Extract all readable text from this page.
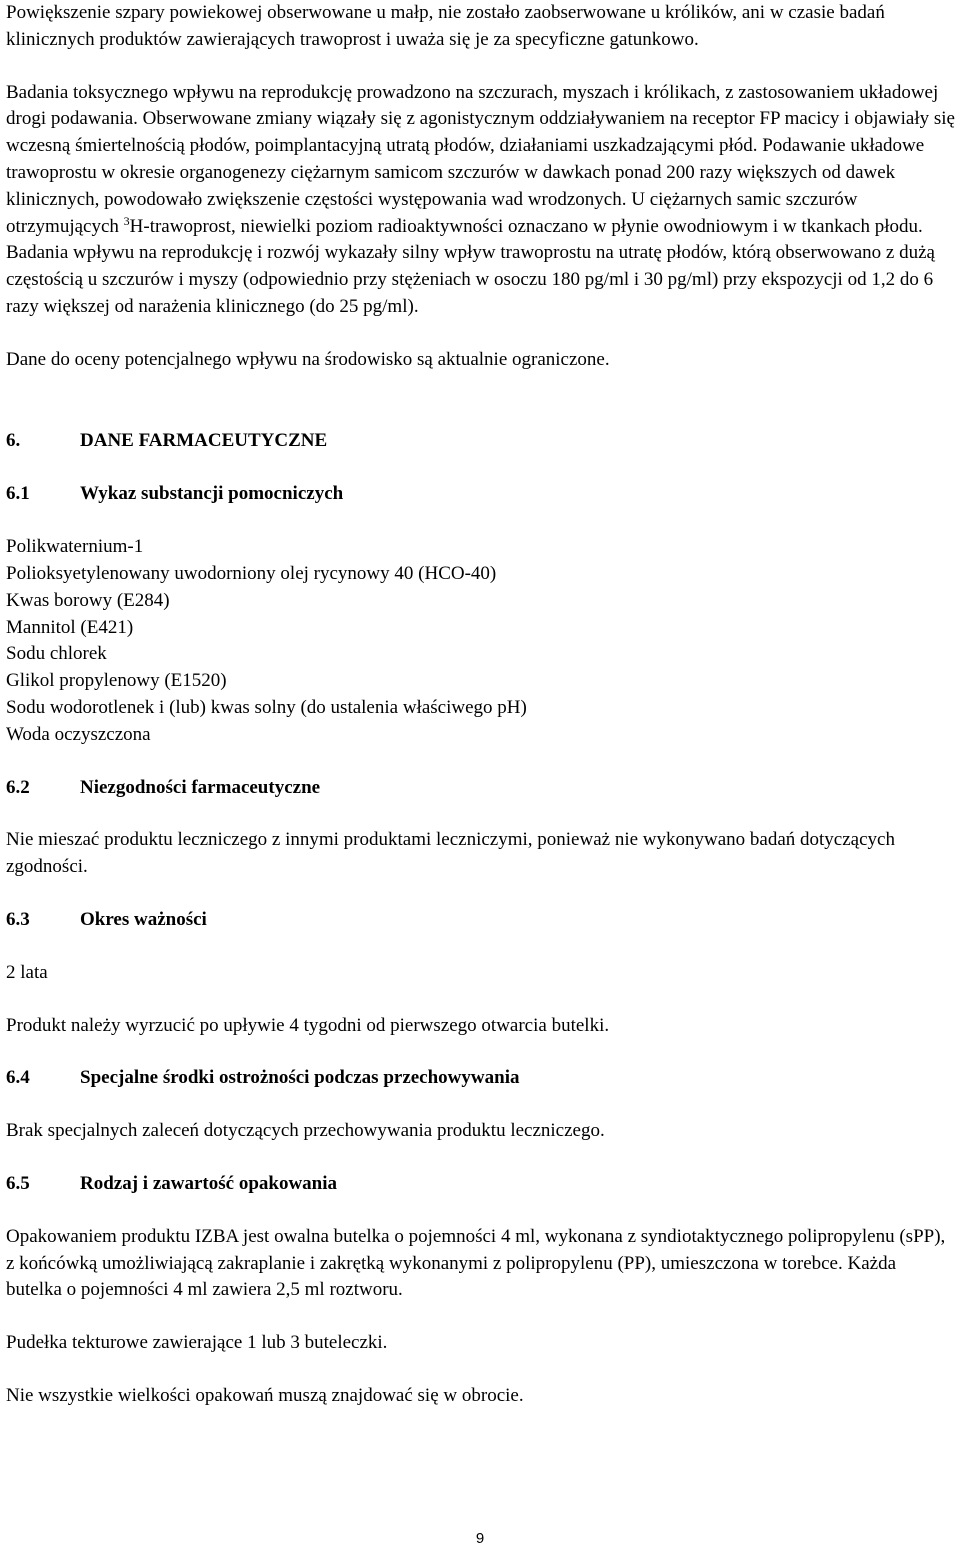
Powiększenie szpary powiekowej obserwowane u małp, nie zostało zaobserwowane u królików, ani w czasie badań klinicznych produktów zawierających trawoprost i uważa się je za specyficzne gatunkowo.

Badania toksycznego wpływu na reprodukcję prowadzono na szczurach, myszach i królikach, z zastosowaniem układowej drogi podawania. Obserwowane zmiany wiązały się z agonistycznym oddziaływaniem na receptor FP macicy i objawiały się wczesną śmiertelnością płodów, poimplantacyjną utratą płodów, działaniami uszkadzającymi płód. Podawanie układowe trawoprostu w okresie organogenezy ciężarnym samicom szczurów w dawkach ponad 200 razy większych od dawek klinicznych, powodowało zwiększenie częstości występowania wad wrodzonych. U ciężarnych samic szczurów otrzymujących $^3$H-trawoprost, niewielki poziom radioaktywności oznaczano w płynie owodniowym i w tkankach płodu. Badania wpływu na reprodukcję i rozwój wykazały silny wpływ trawoprostu na utratę płodów, którą obserwowano z dużą częstością u szczurów i myszy (odpowiednio przy stężeniach w osoczu 180 pg/ml i 30 pg/ml) przy ekspozycji od 1,2 do 6 razy większej od narażenia klinicznego (do 25 pg/ml).

Dane do oceny potencjalnego wpływu na środowisko są aktualnie ograniczone.

6.	DANE FARMACEUTYCZNE
6.1	Wykaz substancji pomocniczych

Polikwaternium-1

Polioksyetylenowany uwodorniony olej rycynowy 40 (HCO-40)

Kwas borowy (E284)

Mannitol (E421)

Sodu chlorek

Glikol propylenowy (E1520)

Sodu wodorotlenek i (lub) kwas solny (do ustalenia właściwego pH)

Woda oczyszczona

6.2	Niezgodności farmaceutyczne

Nie mieszać produktu leczniczego z innymi produktami leczniczymi, ponieważ nie wykonywano badań dotyczących zgodności.

6.3	Okres ważności

2 lata

Produkt należy wyrzucić po upływie 4 tygodni od pierwszego otwarcia butelki.

6.4	Specjalne środki ostrożności podczas przechowywania

Brak specjalnych zaleceń dotyczących przechowywania produktu leczniczego.

6.5	Rodzaj i zawartość opakowania

Opakowaniem produktu IZBA jest owalna butelka o pojemności 4 ml, wykonana z syndiotaktycznego polipropylenu (sPP), z końcówką umożliwiającą zakraplanie i zakrętką wykonanymi z polipropylenu (PP), umieszczona w torebce. Każda butelka o pojemności 4 ml zawiera 2,5 ml roztworu.

Pudełka tekturowe zawierające 1 lub 3 buteleczki.

Nie wszystkie wielkości opakowań muszą znajdować się w obrocie.

9
